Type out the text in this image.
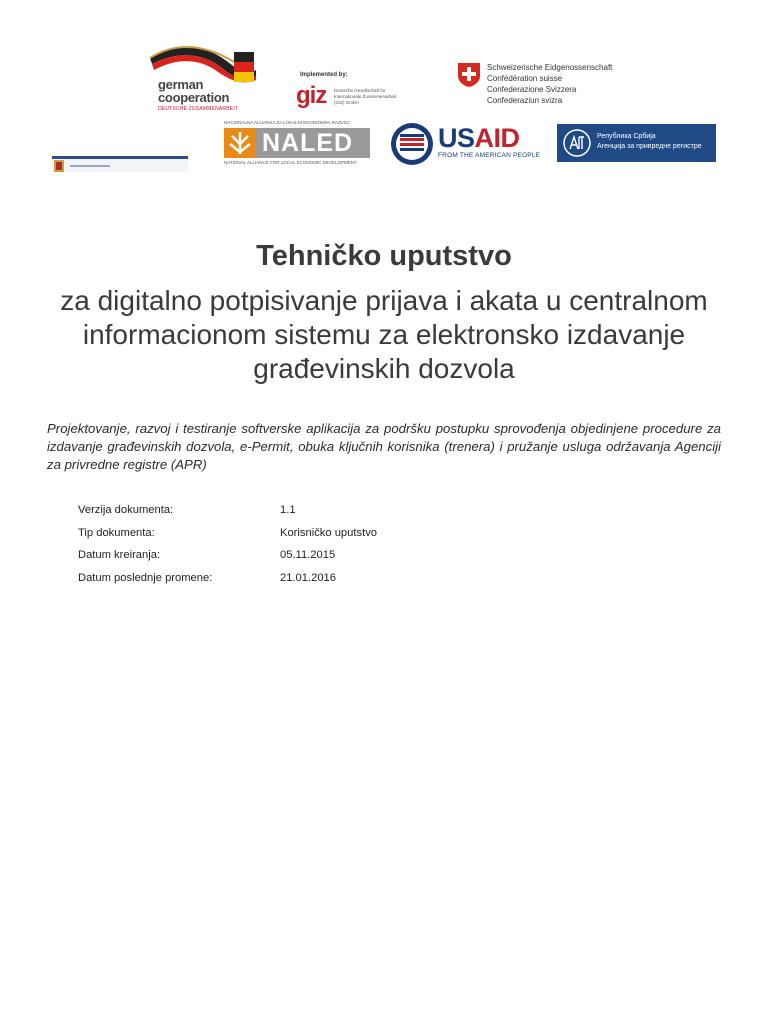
german
cooperation
DEUTSCHE ZUSAMMENARBEIT
Implemented by:
giz Deutsche Gesellschaft für Internationale Zusammenarbeit (GIZ) GmbH
Schweizerische Eidgenossenschaft
Confédération suisse
Confederazione Svizzera
Confederaziun svizra
NACIONALNA ALIJANSA ZA LOKALNI EKONOMSKI RAZVOJ
NALED
NATIONAL ALLIANCE FOR LOCAL ECONOMIC DEVELOPMENT
USAID
FROM THE AMERICAN PEOPLE
Република Србија
Агенција за привредне регистре
Tehničko uputstvo
za digitalno potpisivanje prijava i akata u centralnom informacionom sistemu za elektronsko izdavanje građevinskih dozvola
Projektovanje, razvoj i testiranje softverske aplikacija za podršku postupku sprovođenja objedinjene procedure za izdavanje građevinskih dozvola, e-Permit, obuka ključnih korisnika (trenera) i pružanje usluga održavanja Agenciji za privredne registre (APR)
Verzija dokumenta:	1.1
Tip dokumenta:	Korisničko uputstvo
Datum kreiranja:	05.11.2015
Datum poslednje promene:	21.01.2016
